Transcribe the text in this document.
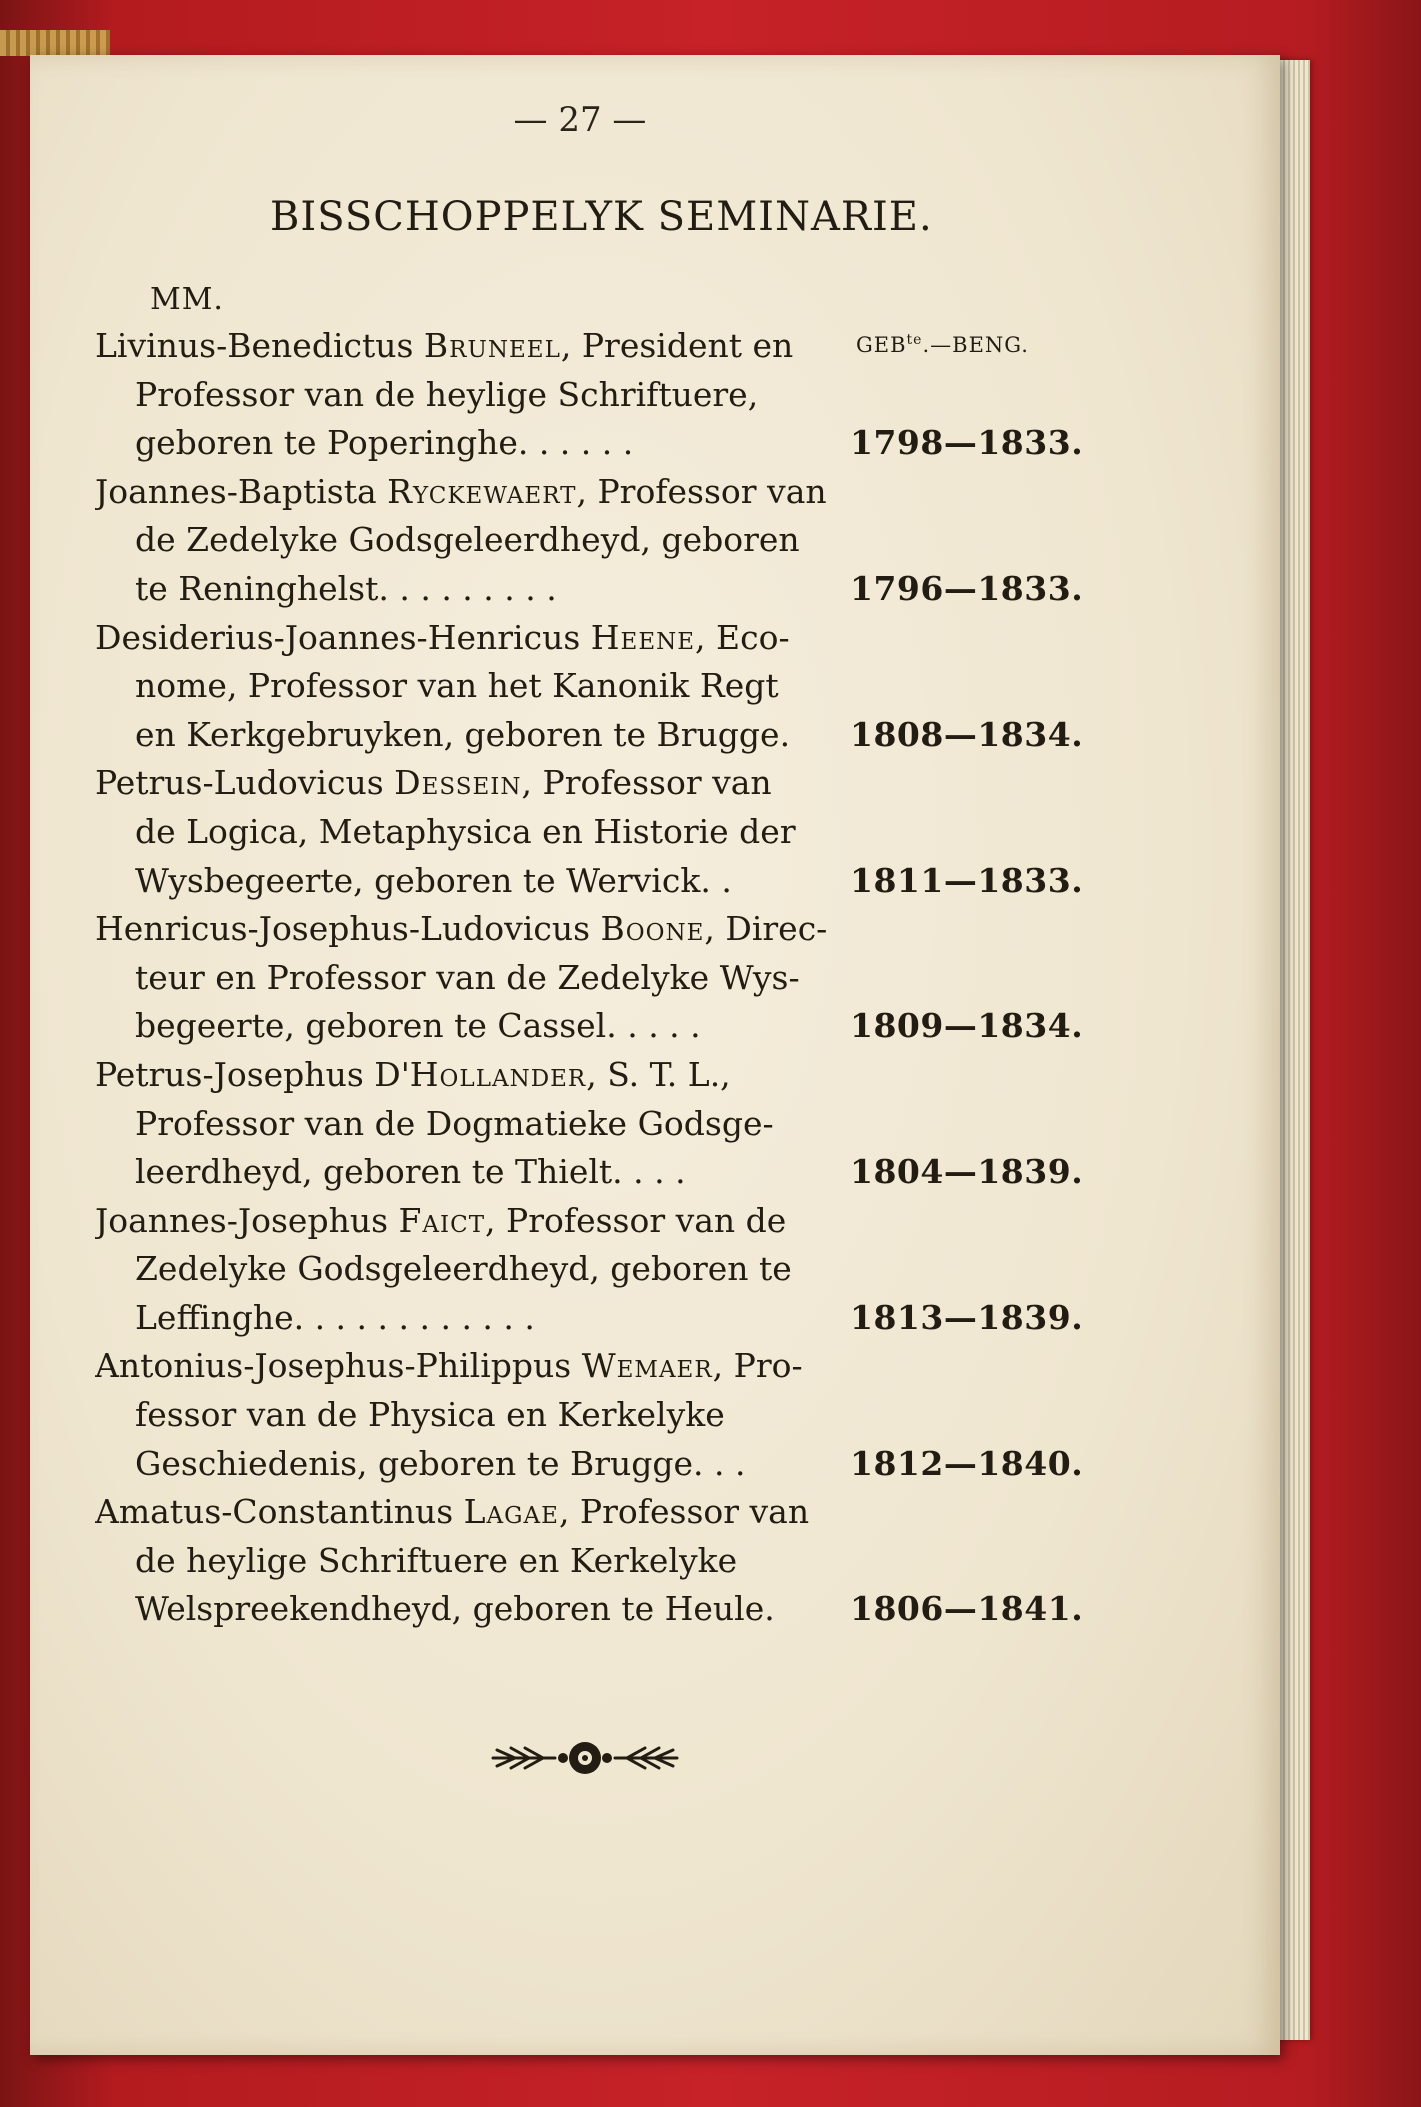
— 27 —
BISSCHOPPELYK SEMINARIE.
MM.
$GEB^{te}.—BENG$.
Livinus-Benedictus Bruneel, President en
Professor van de heylige Schriftuere,
geboren te Poperinghe. . . . . .	1798—1833.
Joannes-Baptista Ryckewaert, Professor van
de Zedelyke Godsgeleerdheyd, geboren
te Reninghelst. . . . . . . . .	1796—1833.
Desiderius-Joannes-Henricus Heene, Eco-
nome, Professor van het Kanonik Regt
en Kerkgebruyken, geboren te Brugge.	1808—1834.
Petrus-Ludovicus Dessein, Professor van
de Logica, Metaphysica en Historie der
Wysbegeerte, geboren te Wervick. .	1811—1833.
Henricus-Josephus-Ludovicus Boone, Direc-
teur en Professor van de Zedelyke Wys-
begeerte, geboren te Cassel. . . . .	1809—1834.
Petrus-Josephus D'Hollander, S. T. L.,
Professor van de Dogmatieke Godsge-
leerdheyd, geboren te Thielt. . . .	1804—1839.
Joannes-Josephus Faict, Professor van de
Zedelyke Godsgeleerdheyd, geboren te
Leffinghe. . . . . . . . . . . .	1813—1839.
Antonius-Josephus-Philippus Wemaer, Pro-
fessor van de Physica en Kerkelyke
Geschiedenis, geboren te Brugge. . .	1812—1840.
Amatus-Constantinus Lagae, Professor van
de heylige Schriftuere en Kerkelyke
Welspreekendheyd, geboren te Heule.	1806—1841.
